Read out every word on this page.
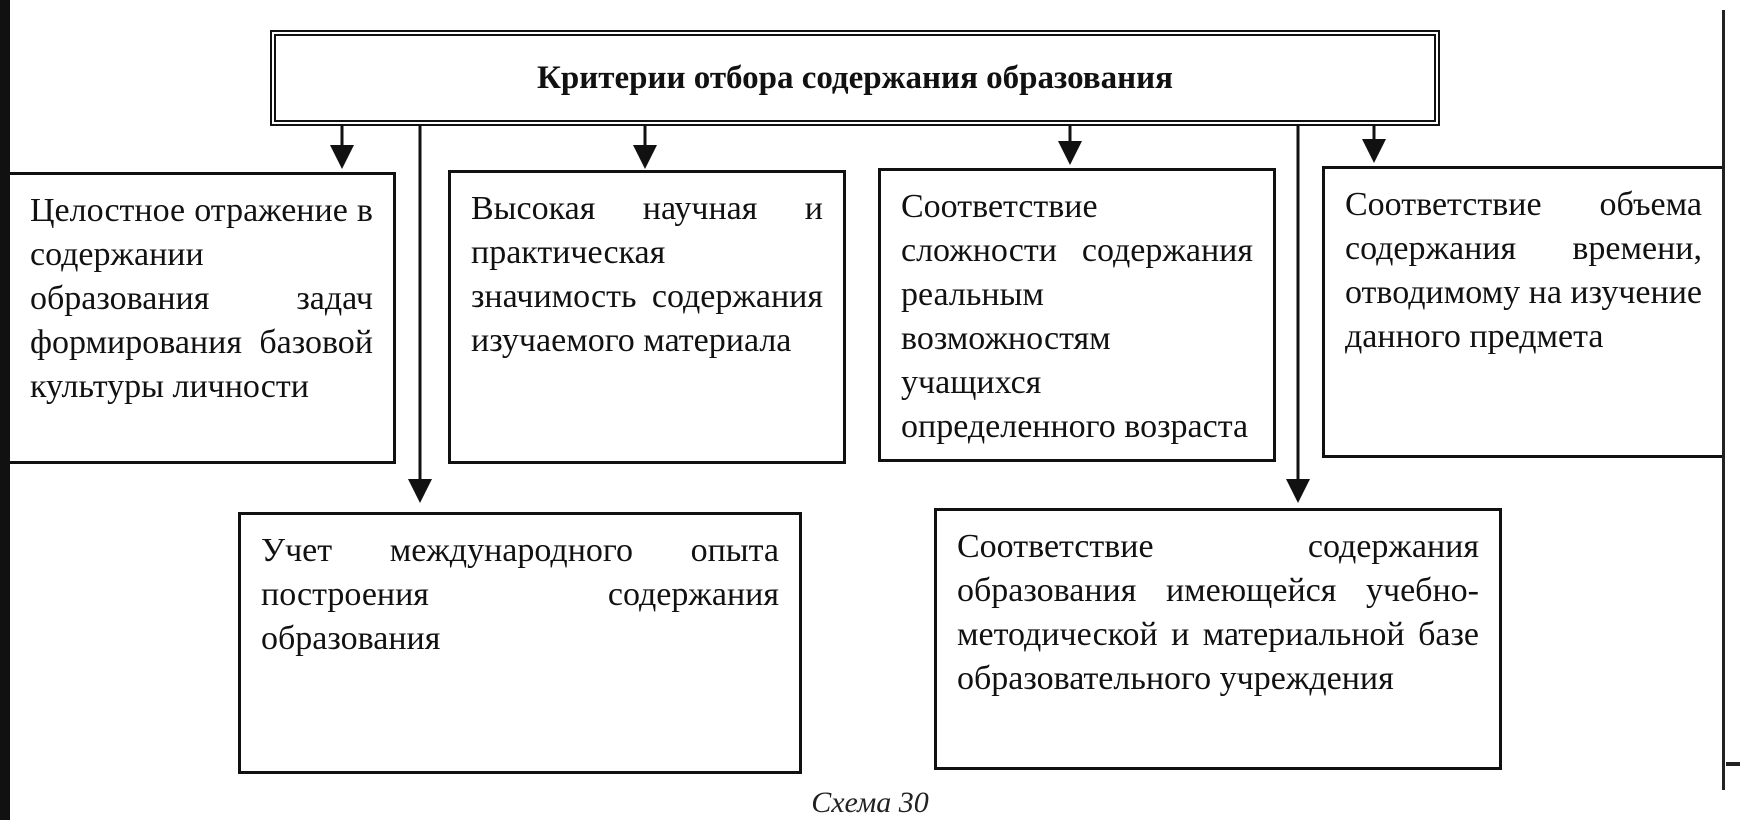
Критерии отбора содержания образования
Целостное отражение в содержании образования задач формирования базовой культуры личности
Высокая научная и практическая значимость содержания изучаемого материала
Соответствие сложности содержания реальным возможностям учащихся определенного возраста
Соответствие объема содержания времени, отводимому на изучение данного предмета
Учет международного опыта построения содержания образования
Соответствие содержания образования имеющейся учебно-методической и материальной базе образовательного учреждения
Схема 30
